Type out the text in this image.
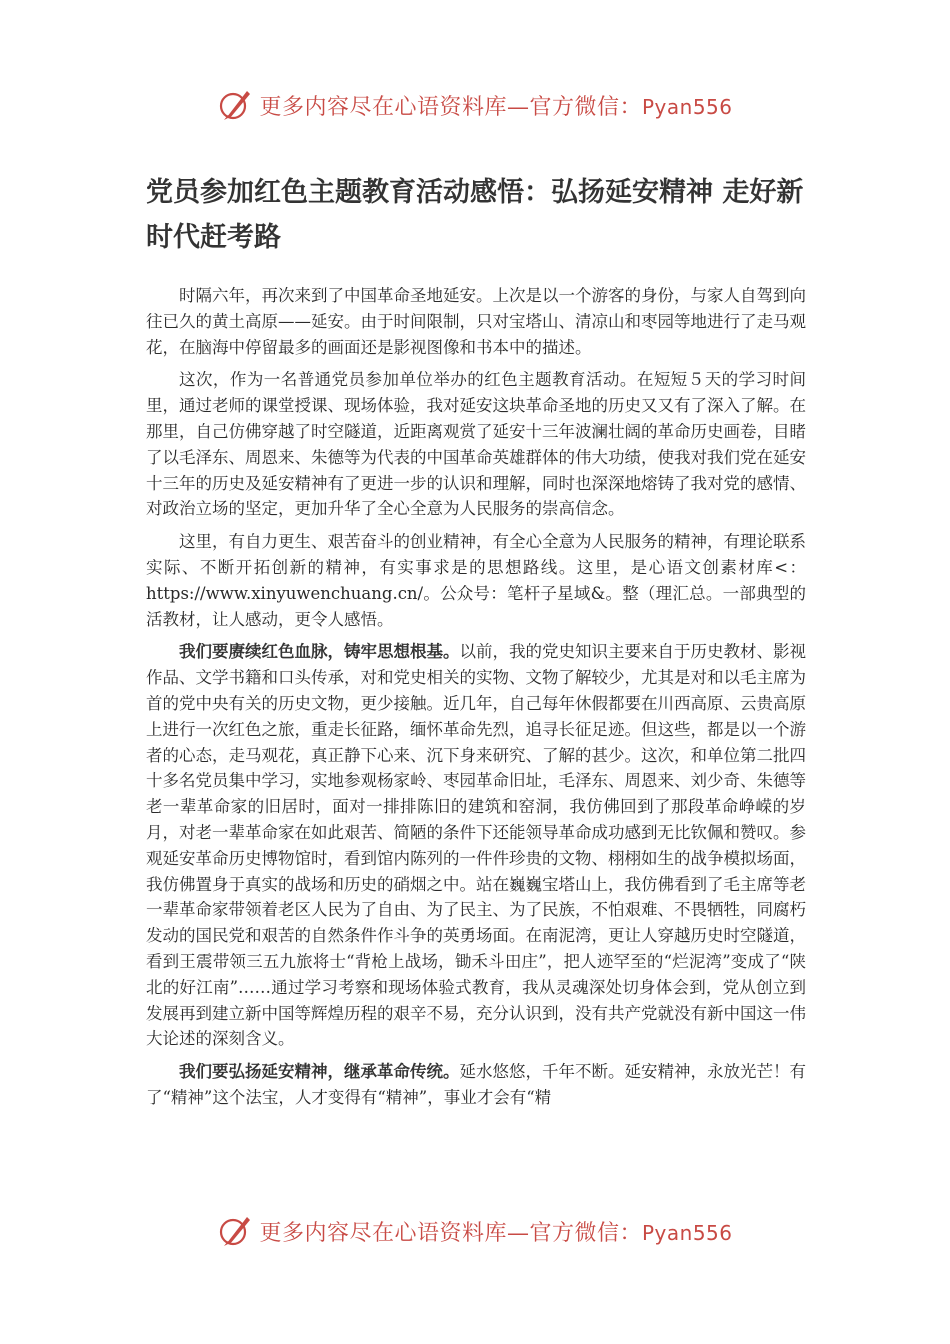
更多内容尽在心语资料库—官方微信：Pyan556
党员参加红色主题教育活动感悟：弘扬延安精神 走好新时代赶考路

时隔六年，再次来到了中国革命圣地延安。上次是以一个游客的身份，与家人自驾到向往已久的黄土高原——延安。由于时间限制，只对宝塔山、清凉山和枣园等地进行了走马观花，在脑海中停留最多的画面还是影视图像和书本中的描述。

这次，作为一名普通党员参加单位举办的红色主题教育活动。在短短５天的学习时间里，通过老师的课堂授课、现场体验，我对延安这块革命圣地的历史又又有了深入了解。在那里，自己仿佛穿越了时空隧道，近距离观赏了延安十三年波澜壮阔的革命历史画卷，目睹了以毛泽东、周恩来、朱德等为代表的中国革命英雄群体的伟大功绩，使我对我们党在延安十三年的历史及延安精神有了更进一步的认识和理解，同时也深深地熔铸了我对党的感情、对政治立场的坚定，更加升华了全心全意为人民服务的崇高信念。

这里，有自力更生、艰苦奋斗的创业精神，有全心全意为人民服务的精神，有理论联系实际、不断开拓创新的精神，有实事求是的思想路线。这里，是心语文创素材库<：https://www.xinyuwenchuang.cn/。公众号：笔杆子星域&。整（理汇总。一部典型的活教材，让人感动，更令人感悟。

我们要赓续红色血脉，铸牢思想根基。以前，我的党史知识主要来自于历史教材、影视作品、文学书籍和口头传承，对和党史相关的实物、文物了解较少，尤其是对和以毛主席为首的党中央有关的历史文物，更少接触。近几年，自己每年休假都要在川西高原、云贵高原上进行一次红色之旅，重走长征路，缅怀革命先烈，追寻长征足迹。但这些，都是以一个游者的心态，走马观花，真正静下心来、沉下身来研究、了解的甚少。这次，和单位第二批四十多名党员集中学习，实地参观杨家岭、枣园革命旧址，毛泽东、周恩来、刘少奇、朱德等老一辈革命家的旧居时，面对一排排陈旧的建筑和窑洞，我仿佛回到了那段革命峥嵘的岁月，对老一辈革命家在如此艰苦、简陋的条件下还能领导革命成功感到无比钦佩和赞叹。参观延安革命历史博物馆时，看到馆内陈列的一件件珍贵的文物、栩栩如生的战争模拟场面，我仿佛置身于真实的战场和历史的硝烟之中。站在巍巍宝塔山上，我仿佛看到了毛主席等老一辈革命家带领着老区人民为了自由、为了民主、为了民族，不怕艰难、不畏牺牲，同腐朽发动的国民党和艰苦的自然条件作斗争的英勇场面。在南泥湾，更让人穿越历史时空隧道，看到王震带领三五九旅将士“背枪上战场，锄禾斗田庄”，把人迹罕至的“烂泥湾”变成了“陕北的好江南”……通过学习考察和现场体验式教育，我从灵魂深处切身体会到，党从创立到发展再到建立新中国等辉煌历程的艰辛不易，充分认识到，没有共产党就没有新中国这一伟大论述的深刻含义。

我们要弘扬延安精神，继承革命传统。延水悠悠，千年不断。延安精神，永放光芒！有了“精神”这个法宝，人才变得有“精神”，事业才会有“精

更多内容尽在心语资料库—官方微信：Pyan556
